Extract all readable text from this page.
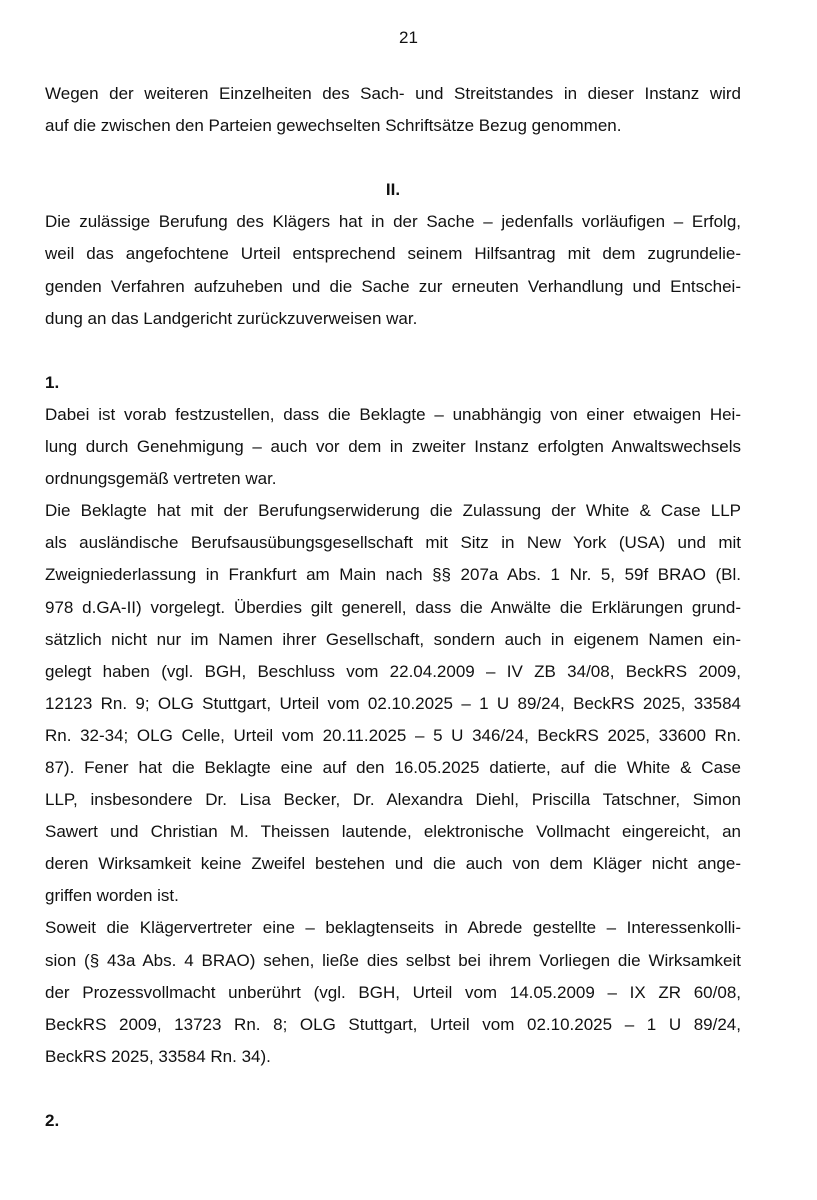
21
Wegen der weiteren Einzelheiten des Sach- und Streitstandes in dieser Instanz wird
auf die zwischen den Parteien gewechselten Schriftsätze Bezug genommen.
II.
Die zulässige Berufung des Klägers hat in der Sache – jedenfalls vorläufigen – Erfolg,
weil das angefochtene Urteil entsprechend seinem Hilfsantrag mit dem zugrundelie-
genden Verfahren aufzuheben und die Sache zur erneuten Verhandlung und Entschei-
dung an das Landgericht zurückzuverweisen war.
1.
Dabei ist vorab festzustellen, dass die Beklagte – unabhängig von einer etwaigen Hei-
lung durch Genehmigung – auch vor dem in zweiter Instanz erfolgten Anwaltswechsels
ordnungsgemäß vertreten war.
Die Beklagte hat mit der Berufungserwiderung die Zulassung der White & Case LLP
als ausländische Berufsausübungsgesellschaft mit Sitz in New York (USA) und mit
Zweigniederlassung in Frankfurt am Main nach §§ 207a Abs. 1 Nr. 5, 59f BRAO (Bl.
978 d.GA-II) vorgelegt. Überdies gilt generell, dass die Anwälte die Erklärungen grund-
sätzlich nicht nur im Namen ihrer Gesellschaft, sondern auch in eigenem Namen ein-
gelegt haben (vgl. BGH, Beschluss vom 22.04.2009 – IV ZB 34/08, BeckRS 2009,
12123 Rn. 9; OLG Stuttgart, Urteil vom 02.10.2025 – 1 U 89/24, BeckRS 2025, 33584
Rn. 32-34; OLG Celle, Urteil vom 20.11.2025 – 5 U 346/24, BeckRS 2025, 33600 Rn.
87). Fener hat die Beklagte eine auf den 16.05.2025 datierte, auf die White & Case
LLP, insbesondere Dr. Lisa Becker, Dr. Alexandra Diehl, Priscilla Tatschner, Simon
Sawert und Christian M. Theissen lautende, elektronische Vollmacht eingereicht, an
deren Wirksamkeit keine Zweifel bestehen und die auch von dem Kläger nicht ange-
griffen worden ist.
Soweit die Klägervertreter eine – beklagtenseits in Abrede gestellte – Interessenkolli-
sion (§ 43a Abs. 4 BRAO) sehen, ließe dies selbst bei ihrem Vorliegen die Wirksamkeit
der Prozessvollmacht unberührt (vgl. BGH, Urteil vom 14.05.2009 – IX ZR 60/08,
BeckRS 2009, 13723 Rn. 8; OLG Stuttgart, Urteil vom 02.10.2025 – 1 U 89/24,
BeckRS 2025, 33584 Rn. 34).
2.
